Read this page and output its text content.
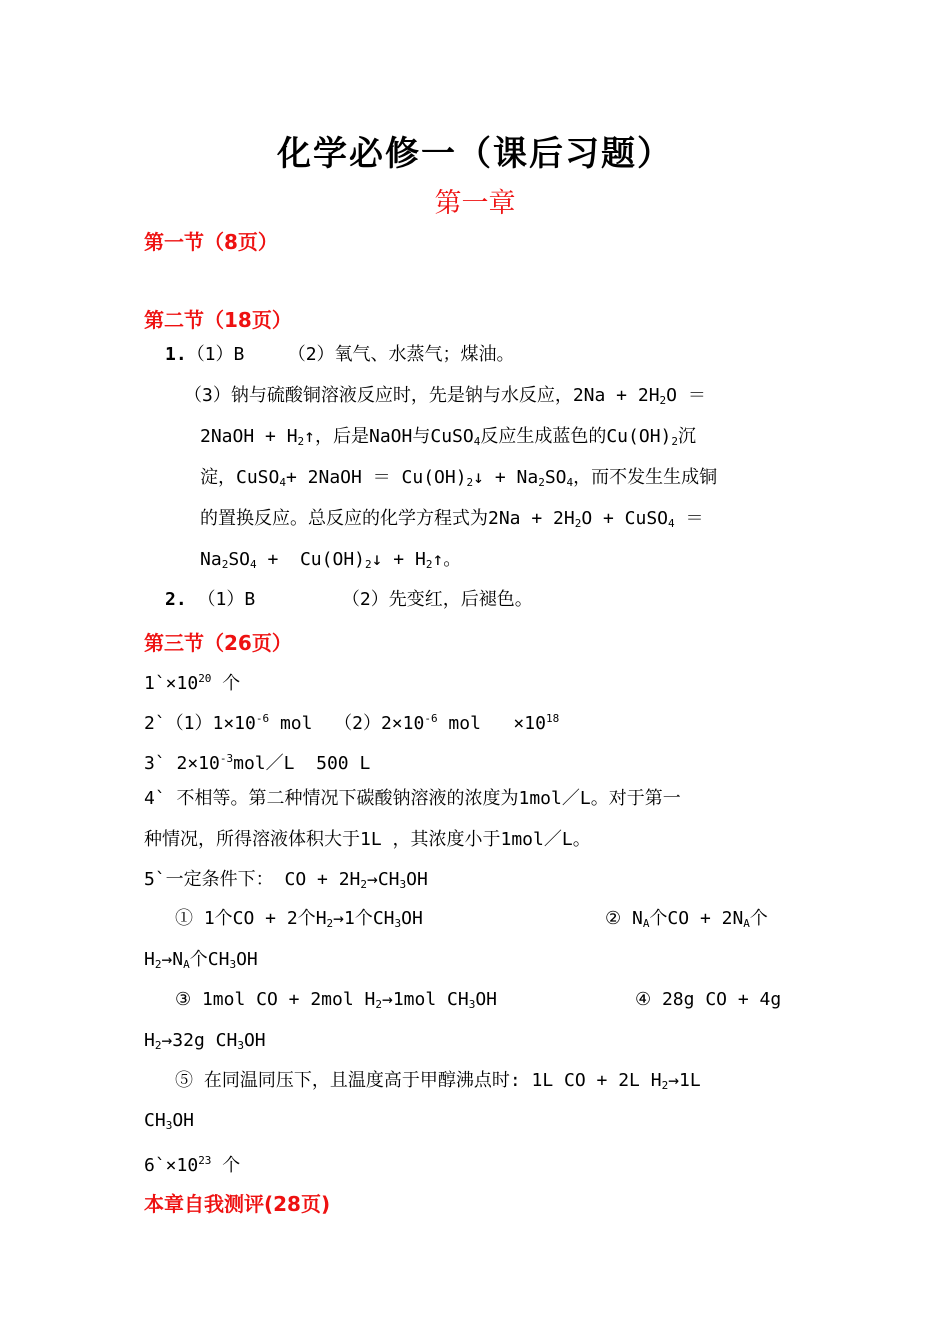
化学必修一（课后习题）
第一章
第一节（8页）
第二节（18页）
1.（1）B    （2）氧气、水蒸气；煤油。
（3）钠与硫酸铜溶液反应时，先是钠与水反应，$2Na + 2H_2O$ ＝
2NaOH + $H_2↑$，后是NaOH与CuSO$_4$反应生成蓝色的$Cu(OH)_2$沉
淀，CuSO$_4$+ 2NaOH ＝ $Cu(OH)_2↓ + Na_2SO_4$，而不发生生成铜
的置换反应。总反应的化学方程式为$2Na + 2H_2O$ + CuSO$_4$ ＝
$Na_2SO_4$ +  $Cu(OH)_2↓$ + $H_2↑$。
2. （1）B        （2）先变红，后褪色。
第三节（26页）
$1`\times 10^{20}$ 个
$2`(1)1\times 10^{-6}$ mol  $(2)2\times 10^{-6}$ mol   $\times 10^{18}$
3` $2\times 10^{-3}mol/L$  500 L
4` 不相等。第二种情况下碳酸钠溶液的浓度为1mol／L。对于第一
种情况，所得溶液体积大于1L ，其浓度小于1mol／L。
5`一定条件下： CO + $2H_2\to CH_3OH$
① 1个CO + 2个$H_2\to 1$个$CH_3OH$	② $N_A$个CO + $2N_A$个
$H_2\to N_A$个$CH_3OH$
③ 1mol CO + 2mol $H_2\to 1mol$ $CH_3OH$	④ 28g CO + 4g
$H_2\to 32g$ $CH_3OH$
⑤ 在同温同压下，且温度高于甲醇沸点时: 1L CO + 2L $H_2\to 1L$
$CH_3OH$
$6`\times 10^{23}$ 个
本章自我测评(28页)
